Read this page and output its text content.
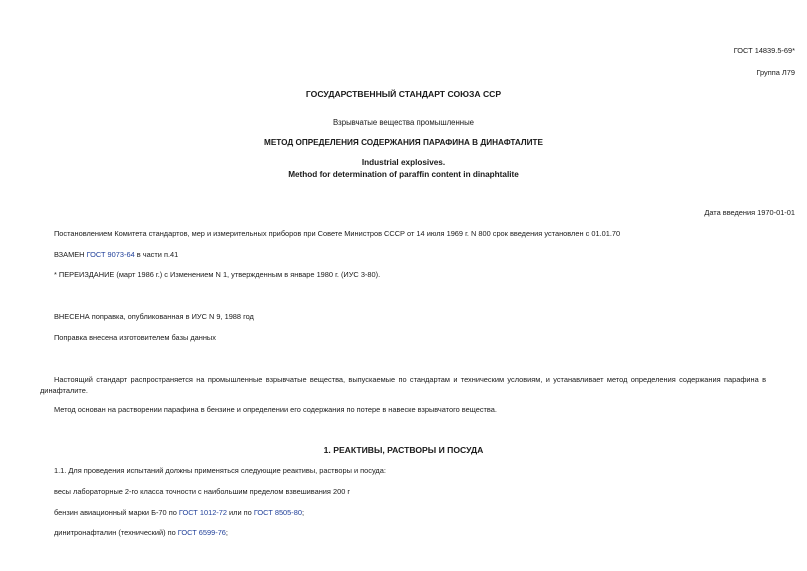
ГОСТ 14839.5-69*
Группа Л79
ГОСУДАРСТВЕННЫЙ СТАНДАРТ СОЮЗА ССР
Взрывчатые вещества промышленные
МЕТОД ОПРЕДЕЛЕНИЯ СОДЕРЖАНИЯ ПАРАФИНА В ДИНАФТАЛИТЕ
Industrial explosives.
Method for determination of paraffin content in dinaphtalite
Дата введения 1970-01-01
Постановлением Комитета стандартов, мер и измерительных приборов при Совете Министров СССР от 14 июля 1969 г. N 800 срок введения установлен с 01.01.70
ВЗАМЕН ГОСТ 9073-64 в части п.41
* ПЕРЕИЗДАНИЕ (март 1986 г.) с Изменением N 1, утвержденным в январе 1980 г. (ИУС 3-80).
ВНЕСЕНА поправка, опубликованная в ИУС N 9, 1988 год
Поправка внесена изготовителем базы данных
Настоящий стандарт распространяется на промышленные взрывчатые вещества, выпускаемые по стандартам и техническим условиям, и устанавливает метод определения содержания парафина в динафталите.
Метод основан на растворении парафина в бензине и определении его содержания по потере в навеске взрывчатого вещества.
1. РЕАКТИВЫ, РАСТВОРЫ И ПОСУДА
1.1. Для проведения испытаний должны применяться следующие реактивы, растворы и посуда:
весы лабораторные 2-го класса точности с наибольшим пределом взвешивания 200 г
бензин авиационный марки Б-70 по ГОСТ 1012-72 или по ГОСТ 8505-80;
динитронафталин (технический) по ГОСТ 6599-76;
